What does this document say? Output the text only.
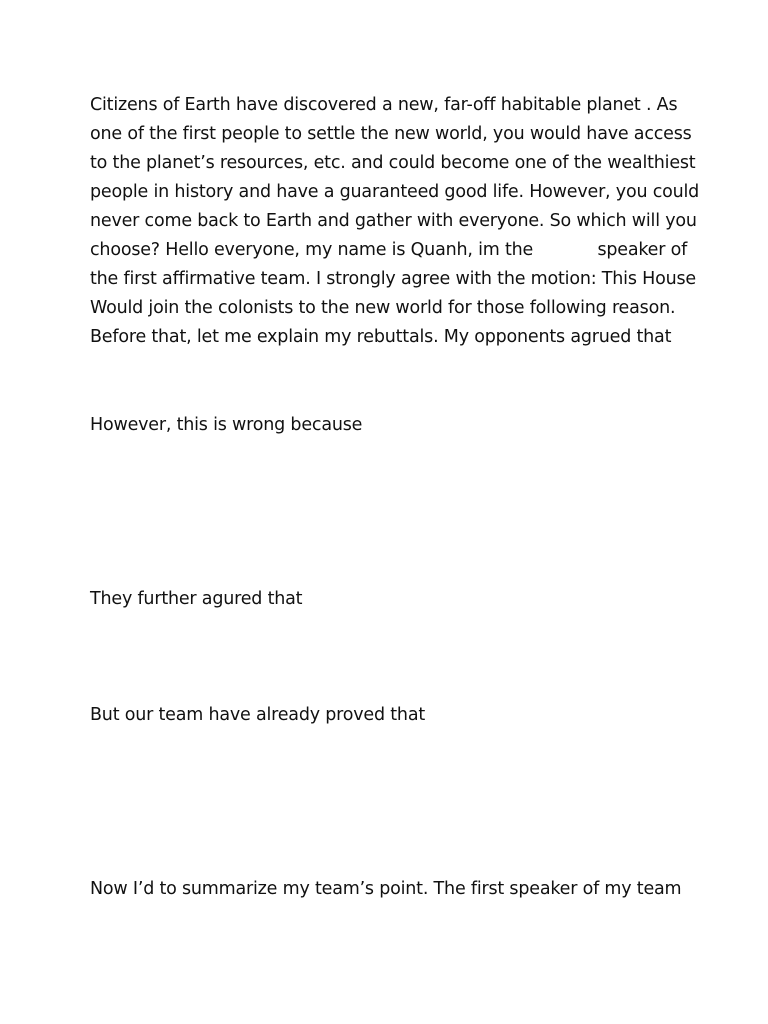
Citizens of Earth have discovered a new, far-off habitable planet . As
one of the first people to settle the new world, you would have access
to the planet’s resources, etc. and could become one of the wealthiest
people in history and have a guaranteed good life. However, you could
never come back to Earth and gather with everyone. So which will you
choose? Hello everyone, my name is Quanh, im the            speaker of
the first affirmative team. I strongly agree with the motion: This House
Would join the colonists to the new world for those following reason.
Before that, let me explain my rebuttals. My opponents agrued that
However, this is wrong because
They further agured that
But our team have already proved that
Now I’d to summarize my team’s point. The first speaker of my team
